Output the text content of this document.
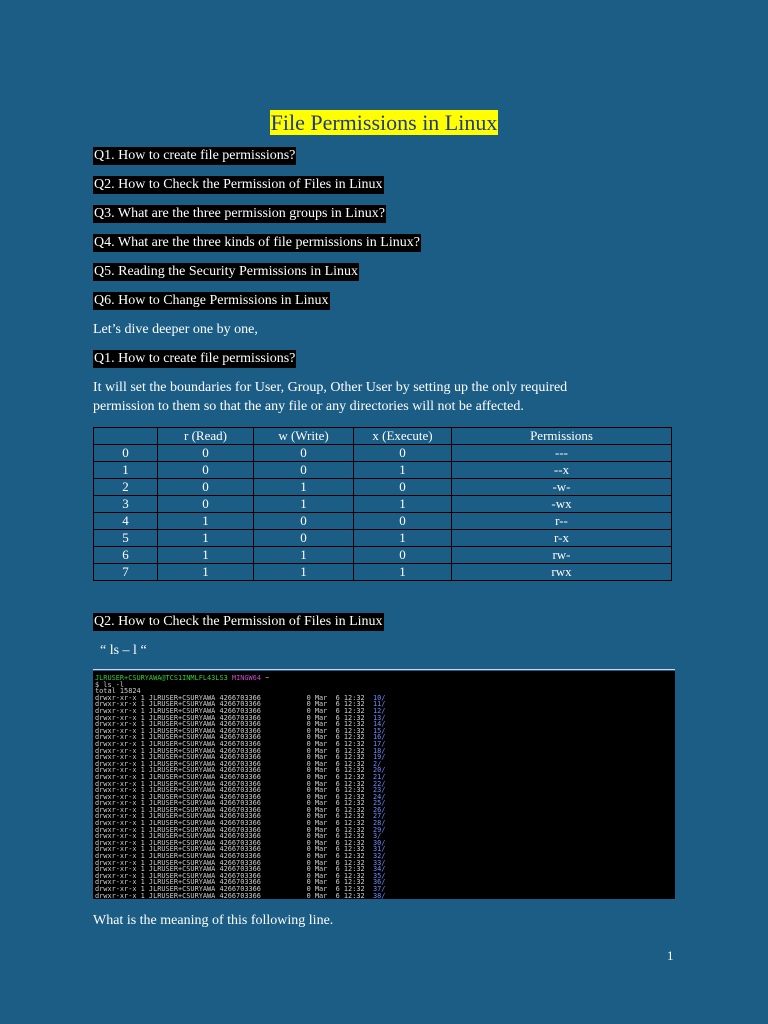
File Permissions in Linux
Q1. How to create file permissions?
Q2. How to Check the Permission of Files in Linux
Q3. What are the three permission groups in Linux?
Q4. What are the three kinds of file permissions in Linux?
Q5. Reading the Security Permissions in Linux
Q6. How to Change Permissions in Linux
Let’s dive deeper one by one,
Q1. How to create file permissions?
It will set the boundaries for User, Group, Other User by setting up the only required
permission to them so that the any file or any directories will not be affected.
	r (Read)	w (Write)	x (Execute)	Permissions
0	0	0	0	---
1	0	0	1	--x
2	0	1	0	-w-
3	0	1	1	-wx
4	1	0	0	r--
5	1	0	1	r-x
6	1	1	0	rw-
7	1	1	1	rwx
Q2. How to Check the Permission of Files in Linux
“ ls – l “
JLRUSER+CSURYAWA@TCS1INMLFL43LS3 MINGW64 ~
$ ls -l
total 15824
drwxr-xr-x 1 JLRUSER+CSURYAWA 4266703366           0 Mar  6 12:32  10/
drwxr-xr-x 1 JLRUSER+CSURYAWA 4266703366           0 Mar  6 12:32  11/
drwxr-xr-x 1 JLRUSER+CSURYAWA 4266703366           0 Mar  6 12:32  12/
drwxr-xr-x 1 JLRUSER+CSURYAWA 4266703366           0 Mar  6 12:32  13/
drwxr-xr-x 1 JLRUSER+CSURYAWA 4266703366           0 Mar  6 12:32  14/
drwxr-xr-x 1 JLRUSER+CSURYAWA 4266703366           0 Mar  6 12:32  15/
drwxr-xr-x 1 JLRUSER+CSURYAWA 4266703366           0 Mar  6 12:32  16/
drwxr-xr-x 1 JLRUSER+CSURYAWA 4266703366           0 Mar  6 12:32  17/
drwxr-xr-x 1 JLRUSER+CSURYAWA 4266703366           0 Mar  6 12:32  18/
drwxr-xr-x 1 JLRUSER+CSURYAWA 4266703366           0 Mar  6 12:32  19/
drwxr-xr-x 1 JLRUSER+CSURYAWA 4266703366           0 Mar  6 12:32  2/
drwxr-xr-x 1 JLRUSER+CSURYAWA 4266703366           0 Mar  6 12:32  20/
drwxr-xr-x 1 JLRUSER+CSURYAWA 4266703366           0 Mar  6 12:32  21/
drwxr-xr-x 1 JLRUSER+CSURYAWA 4266703366           0 Mar  6 12:32  22/
drwxr-xr-x 1 JLRUSER+CSURYAWA 4266703366           0 Mar  6 12:32  23/
drwxr-xr-x 1 JLRUSER+CSURYAWA 4266703366           0 Mar  6 12:32  24/
drwxr-xr-x 1 JLRUSER+CSURYAWA 4266703366           0 Mar  6 12:32  25/
drwxr-xr-x 1 JLRUSER+CSURYAWA 4266703366           0 Mar  6 12:32  26/
drwxr-xr-x 1 JLRUSER+CSURYAWA 4266703366           0 Mar  6 12:32  27/
drwxr-xr-x 1 JLRUSER+CSURYAWA 4266703366           0 Mar  6 12:32  28/
drwxr-xr-x 1 JLRUSER+CSURYAWA 4266703366           0 Mar  6 12:32  29/
drwxr-xr-x 1 JLRUSER+CSURYAWA 4266703366           0 Mar  6 12:32  3/
drwxr-xr-x 1 JLRUSER+CSURYAWA 4266703366           0 Mar  6 12:32  30/
drwxr-xr-x 1 JLRUSER+CSURYAWA 4266703366           0 Mar  6 12:32  31/
drwxr-xr-x 1 JLRUSER+CSURYAWA 4266703366           0 Mar  6 12:32  32/
drwxr-xr-x 1 JLRUSER+CSURYAWA 4266703366           0 Mar  6 12:32  33/
drwxr-xr-x 1 JLRUSER+CSURYAWA 4266703366           0 Mar  6 12:32  34/
drwxr-xr-x 1 JLRUSER+CSURYAWA 4266703366           0 Mar  6 12:32  35/
drwxr-xr-x 1 JLRUSER+CSURYAWA 4266703366           0 Mar  6 12:32  36/
drwxr-xr-x 1 JLRUSER+CSURYAWA 4266703366           0 Mar  6 12:32  37/
drwxr-xr-x 1 JLRUSER+CSURYAWA 4266703366           0 Mar  6 12:32  38/
What is the meaning of this following line.
1
